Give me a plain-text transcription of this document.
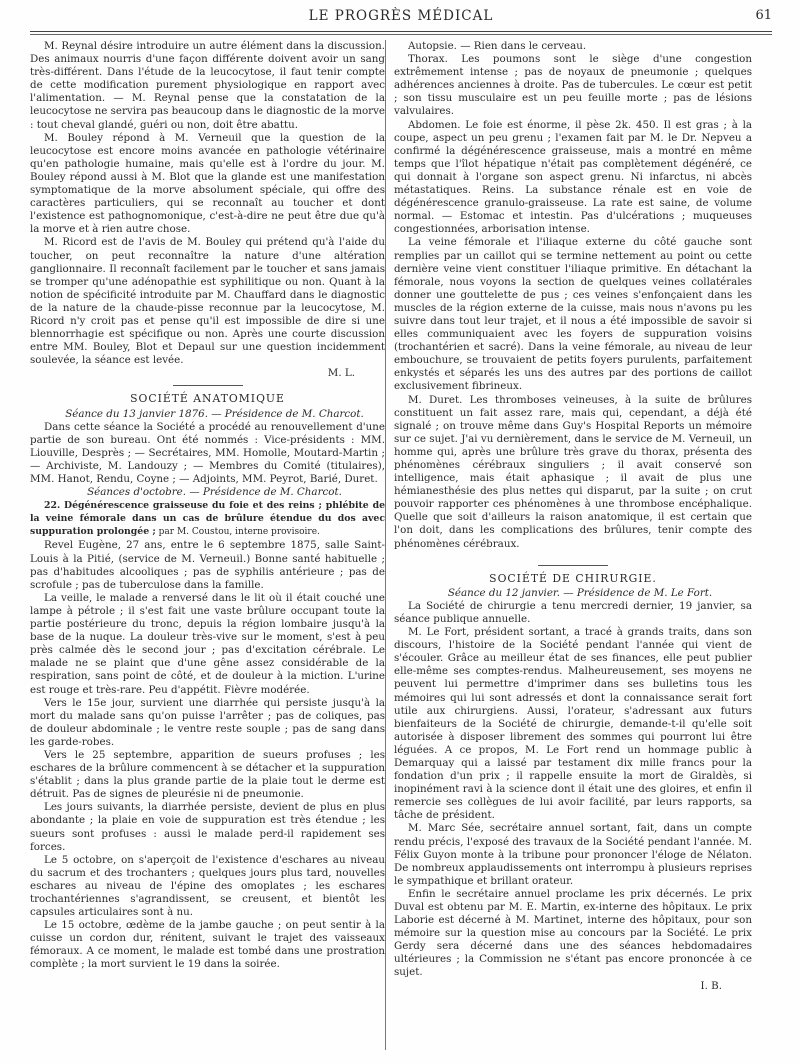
LE PROGRÈS MÉDICAL	61

M. Reynal désire introduire un autre élément dans la discussion. Des animaux nourris d'une façon différente doivent avoir un sang très-différent. Dans l'étude de la leucocytose, il faut tenir compte de cette modification purement physiologique en rapport avec l'alimentation. — M. Reynal pense que la constatation de la leucocytose ne servira pas beaucoup dans le diagnostic de la morve : tout cheval glandé, guéri ou non, doit être abattu.

M. Bouley répond à M. Verneuil que la question de la leucocytose est encore moins avancée en pathologie vétérinaire qu'en pathologie humaine, mais qu'elle est à l'ordre du jour. M. Bouley répond aussi à M. Blot que la glande est une manifestation symptomatique de la morve absolument spéciale, qui offre des caractères particuliers, qui se reconnaît au toucher et dont l'existence est pathognomonique, c'est-à-dire ne peut être due qu'à la morve et à rien autre chose.

M. Ricord est de l'avis de M. Bouley qui prétend qu'à l'aide du toucher, on peut reconnaître la nature d'une altération ganglionnaire. Il reconnaît facilement par le toucher et sans jamais se tromper qu'une adénopathie est syphilitique ou non. Quant à la notion de spécificité introduite par M. Chauffard dans le diagnostic de la nature de la chaude-pisse reconnue par la leucocytose, M. Ricord n'y croit pas et pense qu'il est impossible de dire si une blennorrhagie est spécifique ou non. Après une courte discussion entre MM. Bouley, Blot et Depaul sur une question incidemment soulevée, la séance est levée.

M. L.

SOCIÉTÉ ANATOMIQUE

Séance du 13 janvier 1876. — Présidence de M. Charcot.

Dans cette séance la Société a procédé au renouvellement d'une partie de son bureau. Ont été nommés : Vice-présidents : MM. Liouville, Desprès ; — Secrétaires, MM. Homolle, Moutard-Martin ; — Archiviste, M. Landouzy ; — Membres du Comité (titulaires), MM. Hanot, Rendu, Coyne ; — Adjoints, MM. Peyrot, Barié, Duret.

Séances d'octobre. — Présidence de M. Charcot.

22. Dégénérescence graisseuse du foie et des reins ; phlébite de la veine fémorale dans un cas de brûlure étendue du dos avec suppuration prolongée ; par M. Coustou, interne provisoire.

Revel Eugène, 27 ans, entre le 6 septembre 1875, salle Saint-Louis à la Pitié, (service de M. Verneuil.) Bonne santé habituelle ; pas d'habitudes alcooliques ; pas de syphilis antérieure ; pas de scrofule ; pas de tuberculose dans la famille.

La veille, le malade a renversé dans le lit où il était couché une lampe à pétrole ; il s'est fait une vaste brûlure occupant toute la partie postérieure du tronc, depuis la région lombaire jusqu'à la base de la nuque. La douleur très-vive sur le moment, s'est à peu près calmée dès le second jour ; pas d'excitation cérébrale. Le malade ne se plaint que d'une gêne assez considérable de la respiration, sans point de côté, et de douleur à la miction. L'urine est rouge et très-rare. Peu d'appétit. Fièvre modérée.

Vers le 15e jour, survient une diarrhée qui persiste jusqu'à la mort du malade sans qu'on puisse l'arrêter ; pas de coliques, pas de douleur abdominale ; le ventre reste souple ; pas de sang dans les garde-robes.

Vers le 25 septembre, apparition de sueurs profuses ; les eschares de la brûlure commencent à se détacher et la suppuration s'établit ; dans la plus grande partie de la plaie tout le derme est détruit. Pas de signes de pleurésie ni de pneumonie.

Les jours suivants, la diarrhée persiste, devient de plus en plus abondante ; la plaie en voie de suppuration est très étendue ; les sueurs sont profuses : aussi le malade perd-il rapidement ses forces.

Le 5 octobre, on s'aperçoit de l'existence d'eschares au niveau du sacrum et des trochanters ; quelques jours plus tard, nouvelles eschares au niveau de l'épine des omoplates ; les eschares trochantériennes s'agrandissent, se creusent, et bientôt les capsules articulaires sont à nu.

Le 15 octobre, œdème de la jambe gauche ; on peut sentir à la cuisse un cordon dur, rénitent, suivant le trajet des vaisseaux fémoraux. A ce moment, le malade est tombé dans une prostration complète ; la mort survient le 19 dans la soirée.

Autopsie. — Rien dans le cerveau.

Thorax. Les poumons sont le siège d'une congestion extrêmement intense ; pas de noyaux de pneumonie ; quelques adhérences anciennes à droite. Pas de tubercules. Le cœur est petit ; son tissu musculaire est un peu feuille morte ; pas de lésions valvulaires.

Abdomen. Le foie est énorme, il pèse 2k. 450. Il est gras ; à la coupe, aspect un peu grenu ; l'examen fait par M. le Dr. Nepveu a confirmé la dégénérescence graisseuse, mais a montré en même temps que l'îlot hépatique n'était pas complètement dégénéré, ce qui donnait à l'organe son aspect grenu. Ni infarctus, ni abcès métastatiques. Reins. La substance rénale est en voie de dégénérescence granulo-graisseuse. La rate est saine, de volume normal. — Estomac et intestin. Pas d'ulcérations ; muqueuses congestionnées, arborisation intense.

La veine fémorale et l'iliaque externe du côté gauche sont remplies par un caillot qui se termine nettement au point ou cette dernière veine vient constituer l'iliaque primitive. En détachant la fémorale, nous voyons la section de quelques veines collatérales donner une gouttelette de pus ; ces veines s'enfonçaient dans les muscles de la région externe de la cuisse, mais nous n'avons pu les suivre dans tout leur trajet, et il nous a été impossible de savoir si elles communiquaient avec les foyers de suppuration voisins (trochantérien et sacré). Dans la veine fémorale, au niveau de leur embouchure, se trouvaient de petits foyers purulents, parfaitement enkystés et séparés les uns des autres par des portions de caillot exclusivement fibrineux.

M. Duret. Les thromboses veineuses, à la suite de brûlures constituent un fait assez rare, mais qui, cependant, a déjà été signalé ; on trouve même dans Guy's Hospital Reports un mémoire sur ce sujet. J'ai vu dernièrement, dans le service de M. Verneuil, un homme qui, après une brûlure très grave du thorax, présenta des phénomènes cérébraux singuliers ; il avait conservé son intelligence, mais était aphasique ; il avait de plus une hémianesthésie des plus nettes qui disparut, par la suite ; on crut pouvoir rapporter ces phénomènes à une thrombose encéphalique. Quelle que soit d'ailleurs la raison anatomique, il est certain que l'on doit, dans les complications des brûlures, tenir compte des phénomènes cérébraux.

SOCIÉTÉ DE CHIRURGIE.

Séance du 12 janvier. — Présidence de M. Le Fort.

La Société de chirurgie a tenu mercredi dernier, 19 janvier, sa séance publique annuelle.

M. Le Fort, président sortant, a tracé à grands traits, dans son discours, l'histoire de la Société pendant l'année qui vient de s'écouler. Grâce au meilleur état de ses finances, elle peut publier elle-même ses comptes-rendus. Malheureusement, ses moyens ne peuvent lui permettre d'imprimer dans ses bulletins tous les mémoires qui lui sont adressés et dont la connaissance serait fort utile aux chirurgiens. Aussi, l'orateur, s'adressant aux futurs bienfaiteurs de la Société de chirurgie, demande-t-il qu'elle soit autorisée à disposer librement des sommes qui pourront lui être léguées. A ce propos, M. Le Fort rend un hommage public à Demarquay qui a laissé par testament dix mille francs pour la fondation d'un prix ; il rappelle ensuite la mort de Giraldès, si inopinément ravi à la science dont il était une des gloires, et enfin il remercie ses collègues de lui avoir facilité, par leurs rapports, sa tâche de président.

M. Marc Sée, secrétaire annuel sortant, fait, dans un compte rendu précis, l'exposé des travaux de la Société pendant l'année. M. Félix Guyon monte à la tribune pour prononcer l'éloge de Nélaton. De nombreux applaudissements ont interrompu à plusieurs reprises le sympathique et brillant orateur.

Enfin le secrétaire annuel proclame les prix décernés. Le prix Duval est obtenu par M. E. Martin, ex-interne des hôpitaux. Le prix Laborie est décerné à M. Martinet, interne des hôpitaux, pour son mémoire sur la question mise au concours par la Société. Le prix Gerdy sera décerné dans une des séances hebdomadaires ultérieures ; la Commission ne s'étant pas encore prononcée à ce sujet.

I. B.
